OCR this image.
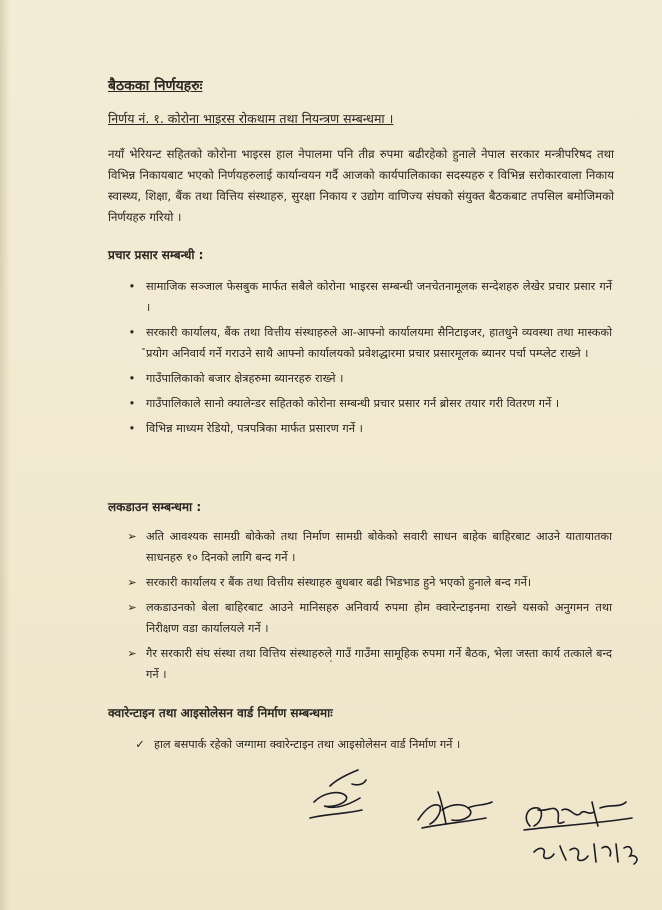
बैठकका निर्णयहरुः
निर्णय नं. १. कोरोना भाइरस रोकथाम तथा नियन्त्रण सम्बन्धमा ।
नयाँ भेरियन्ट सहितको कोरोना भाइरस हाल नेपालमा पनि तीव्र रुपमा बढीरहेको हुनाले नेपाल सरकार मन्त्रीपरिषद तथा विभिन्न निकायबाट भएको निर्णयहरुलाई कार्यान्वयन गर्दै आजको कार्यपालिकाका सदस्यहरु र विभिन्न सरोकारवाला निकाय स्वास्थ्य, शिक्षा, बैंक तथा वित्तिय संस्थाहरु, सुरक्षा निकाय र उद्योग वाणिज्य संघको संयुक्त बैठकबाट तपसिल बमोजिमको निर्णयहरु गरियो ।
प्रचार प्रसार सम्बन्धी :
• सामाजिक सञ्जाल फेसबुक मार्फत सबैले कोरोना भाइरस सम्बन्धी जनचेतनामूलक सन्देशहरु लेखेर प्रचार प्रसार गर्ने ।
• सरकारी कार्यालय, बैंक तथा वित्तीय संस्थाहरुले आ-आफ्नो कार्यालयमा सैनिटाइजर, हातधुने व्यवस्था तथा मास्कको प्रयोग अनिवार्य गर्ने गराउने साथै आफ्नो कार्यालयको प्रवेशद्धारमा प्रचार प्रसारमूलक ब्यानर पर्चा पम्प्लेट राख्ने ।
• गाउँपालिकाको बजार क्षेत्रहरुमा ब्यानरहरु राख्ने ।
• गाउँपालिकाले सानो क्यालेन्डर सहितको कोरोना सम्बन्धी प्रचार प्रसार गर्न ब्रोसर तयार गरी वितरण गर्ने ।
• विभिन्न माध्यम रेडियो, पत्रपत्रिका मार्फत प्रसारण गर्ने ।
लकडाउन सम्बन्धमा :
➢ अति आवश्यक सामग्री बोकेको तथा निर्माण सामग्री बोकेको सवारी साधन बाहेक बाहिरबाट आउने यातायातका साधनहरु १० दिनको लागि बन्द गर्ने ।
➢ सरकारी कार्यालय र बैंक तथा वित्तीय संस्थाहरु बुधबार बढी भिडभाड हुने भएको हुनाले बन्द गर्ने।
➢ लकडाउनको बेला बाहिरबाट आउने मानिसहरु अनिवार्य रुपमा होम क्वारेन्टाइनमा राख्ने यसको अनुगमन तथा निरीक्षण वडा कार्यालयले गर्ने ।
➢ गैर सरकारी संघ संस्था तथा वित्तिय संस्थाहरुले गाउँ गाउँमा सामूहिक रुपमा गर्ने बैठक, भेला जस्ता कार्य तत्काले बन्द गर्ने ।
क्वारेन्टाइन तथा आइसोलेसन वार्ड निर्माण सम्बन्धमाः
✓ हाल बसपार्क रहेको जग्गामा क्वारेन्टाइन तथा आइसोलेसन वार्ड निर्माण गर्ने ।
